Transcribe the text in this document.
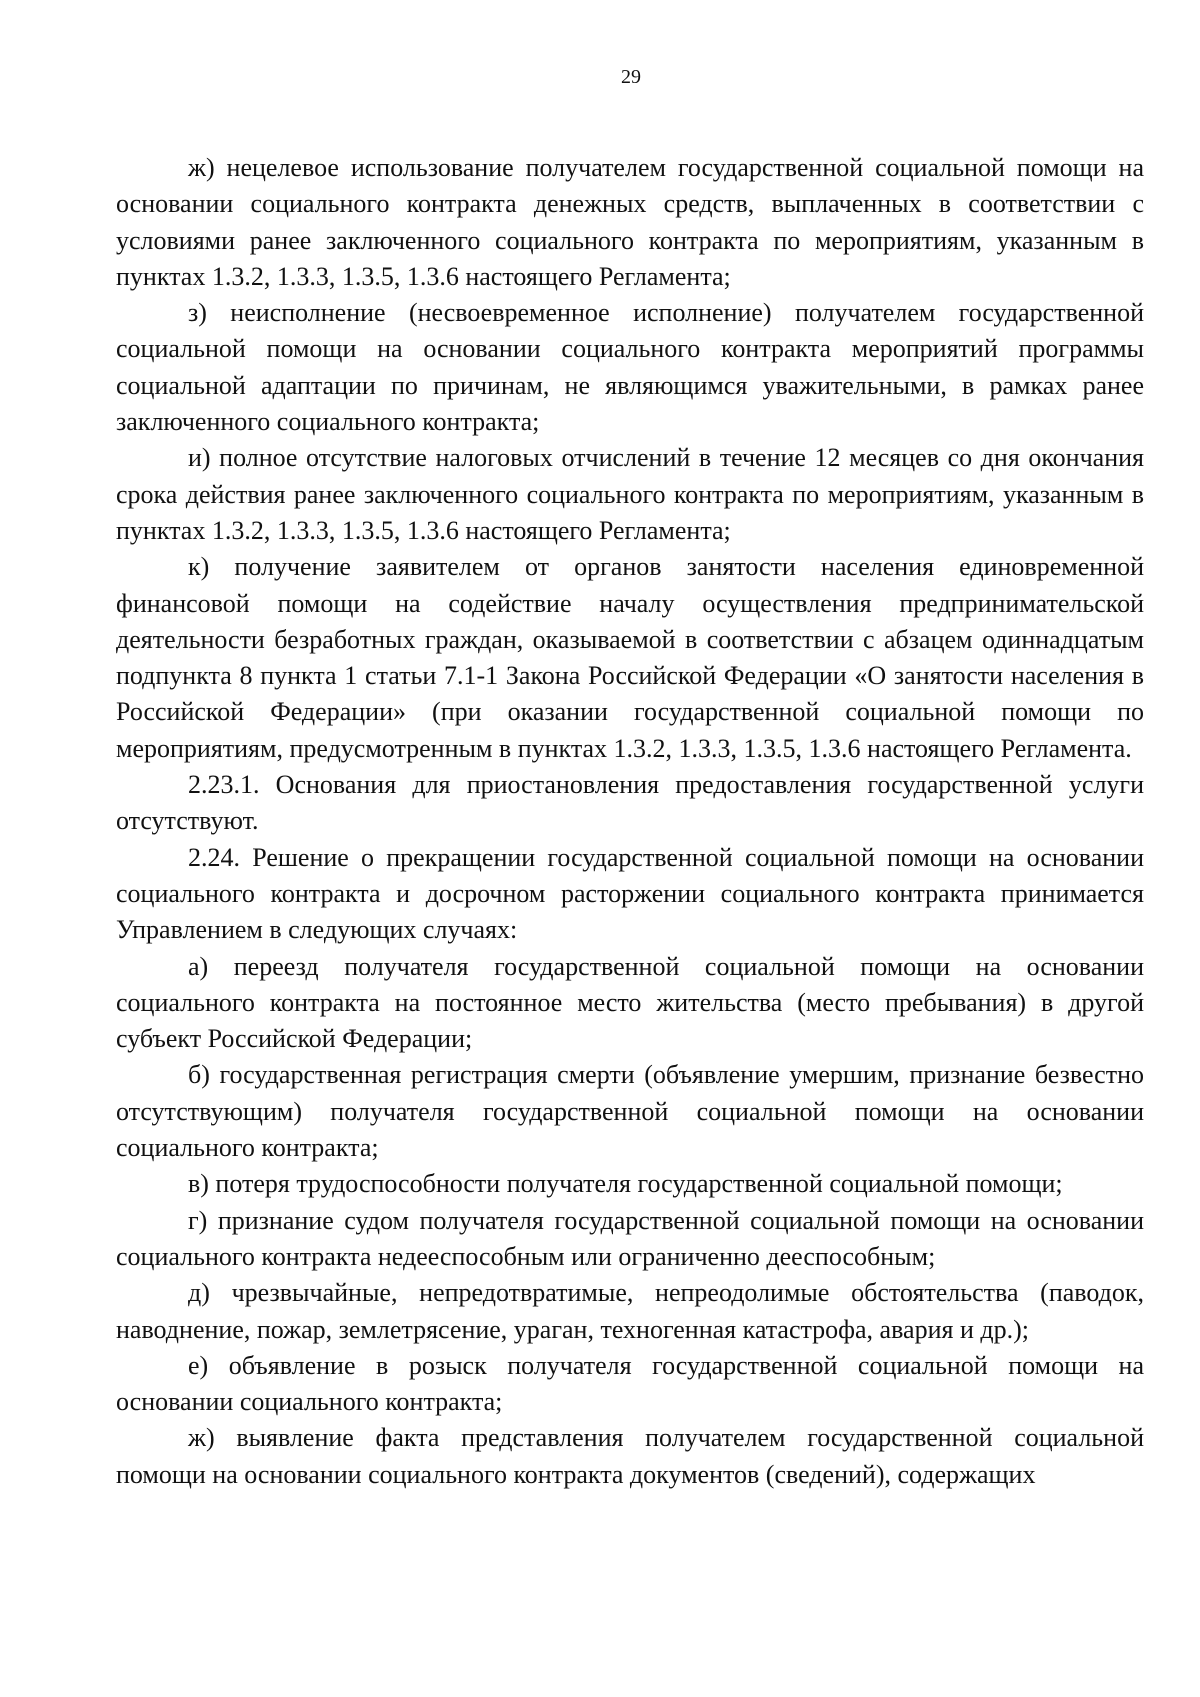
29

ж) нецелевое использование получателем государственной социальной помощи на основании социального контракта денежных средств, выплаченных в соответствии с условиями ранее заключенного социального контракта по мероприятиям, указанным в пунктах 1.3.2, 1.3.3, 1.3.5, 1.3.6 настоящего Регламента;

з) неисполнение (несвоевременное исполнение) получателем государственной социальной помощи на основании социального контракта мероприятий программы социальной адаптации по причинам, не являющимся уважительными, в рамках ранее заключенного социального контракта;

и) полное отсутствие налоговых отчислений в течение 12 месяцев со дня окончания срока действия ранее заключенного социального контракта по мероприятиям, указанным в пунктах 1.3.2, 1.3.3, 1.3.5, 1.3.6 настоящего Регламента;

к) получение заявителем от органов занятости населения единовременной финансовой помощи на содействие началу осуществления предпринимательской деятельности безработных граждан, оказываемой в соответствии с абзацем одиннадцатым подпункта 8 пункта 1 статьи 7.1-1 Закона Российской Федерации «О занятости населения в Российской Федерации» (при оказании государственной социальной помощи по мероприятиям, предусмотренным в пунктах 1.3.2, 1.3.3, 1.3.5, 1.3.6 настоящего Регламента.

2.23.1. Основания для приостановления предоставления государственной услуги отсутствуют.

2.24. Решение о прекращении государственной социальной помощи на основании социального контракта и досрочном расторжении социального контракта принимается Управлением в следующих случаях:

а) переезд получателя государственной социальной помощи на основании социального контракта на постоянное место жительства (место пребывания) в другой субъект Российской Федерации;

б) государственная регистрация смерти (объявление умершим, признание безвестно отсутствующим) получателя государственной социальной помощи на основании социального контракта;

в) потеря трудоспособности получателя государственной социальной помощи;

г) признание судом получателя государственной социальной помощи на основании социального контракта недееспособным или ограниченно дееспособным;

д) чрезвычайные, непредотвратимые, непреодолимые обстоятельства (паводок, наводнение, пожар, землетрясение, ураган, техногенная катастрофа, авария и др.);

е) объявление в розыск получателя государственной социальной помощи на основании социального контракта;

ж) выявление факта представления получателем государственной социальной помощи на основании социального контракта документов (сведений), содержащих
